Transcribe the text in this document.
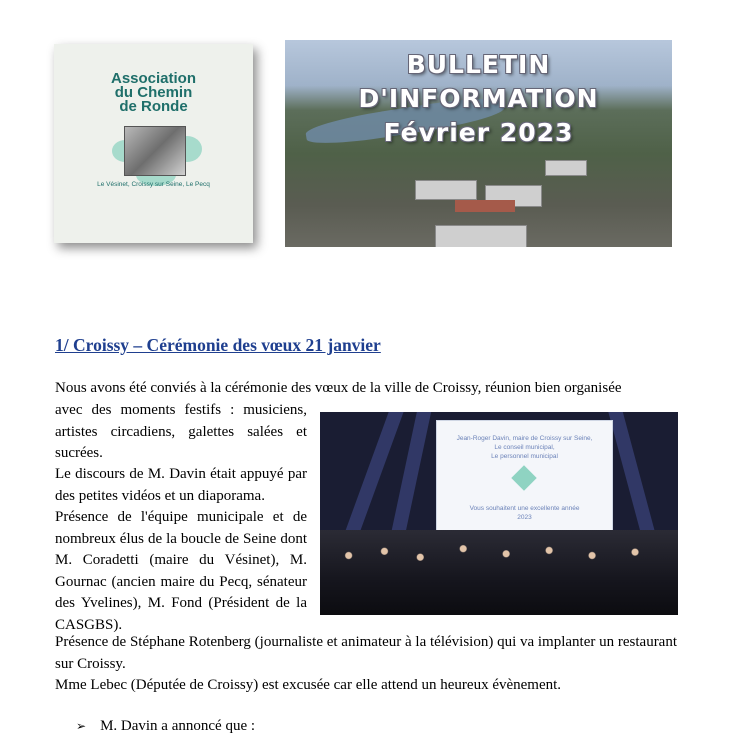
Association
du Chemin
de Ronde
Le Vésinet, Croissy sur Seine, Le Pecq
BULLETIN
D'INFORMATION
Février 2023
1/ Croissy – Cérémonie des vœux 21 janvier

Nous avons été conviés à la cérémonie des vœux de la ville de Croissy, réunion bien organisée

avec des moments festifs : musiciens, artistes circadiens, galettes salées et sucrées.

Le discours de M. Davin était appuyé par des petites vidéos et un diaporama.

Présence de l'équipe municipale et de nombreux élus de la boucle de Seine dont M. Coradetti (maire du Vésinet), M. Gournac (ancien maire du Pecq, sénateur des Yvelines), M. Fond (Président de la CASGBS).

Jean-Roger Davin, maire de Croissy sur Seine,
Le conseil municipal,
Le personnel municipal
Vous souhaitent une excellente année
2023

Présence de Stéphane Rotenberg (journaliste et animateur à la télévision) qui va implanter un restaurant sur Croissy.

Mme Lebec (Députée de Croissy) est excusée car elle attend un heureux évènement.

➢ M. Davin a annoncé que :
